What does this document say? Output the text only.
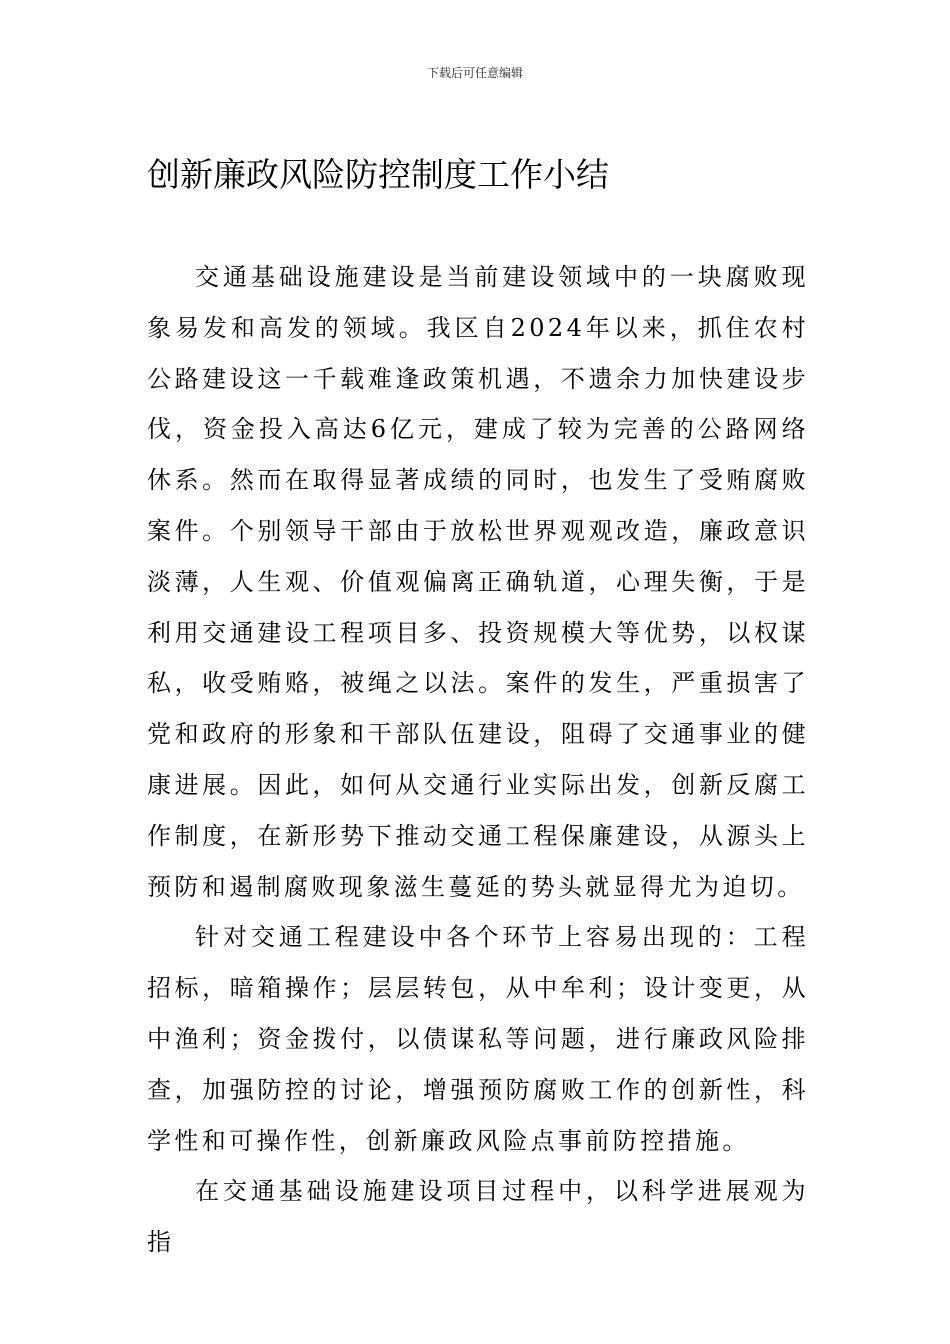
下载后可任意编辑
创新廉政风险防控制度工作小结

交通基础设施建设是当前建设领域中的一块腐败现象易发和高发的领域。我区自2024年以来，抓住农村公路建设这一千载难逢政策机遇，不遗余力加快建设步伐，资金投入高达6亿元，建成了较为完善的公路网络休系。然而在取得显著成绩的同时，也发生了受贿腐败案件。个别领导干部由于放松世界观观改造，廉政意识淡薄，人生观、价值观偏离正确轨道，心理失衡，于是利用交通建设工程项目多、投资规模大等优势，以权谋私，收受贿赂，被绳之以法。案件的发生，严重损害了党和政府的形象和干部队伍建设，阻碍了交通事业的健康进展。因此，如何从交通行业实际出发，创新反腐工作制度，在新形势下推动交通工程保廉建设，从源头上预防和遏制腐败现象滋生蔓延的势头就显得尤为迫切。

针对交通工程建设中各个环节上容易出现的：工程招标，暗箱操作；层层转包，从中牟利；设计变更，从中渔利；资金拨付，以债谋私等问题，进行廉政风险排查，加强防控的讨论，增强预防腐败工作的创新性，科学性和可操作性，创新廉政风险点事前防控措施。

在交通基础设施建设项目过程中，以科学进展观为指
